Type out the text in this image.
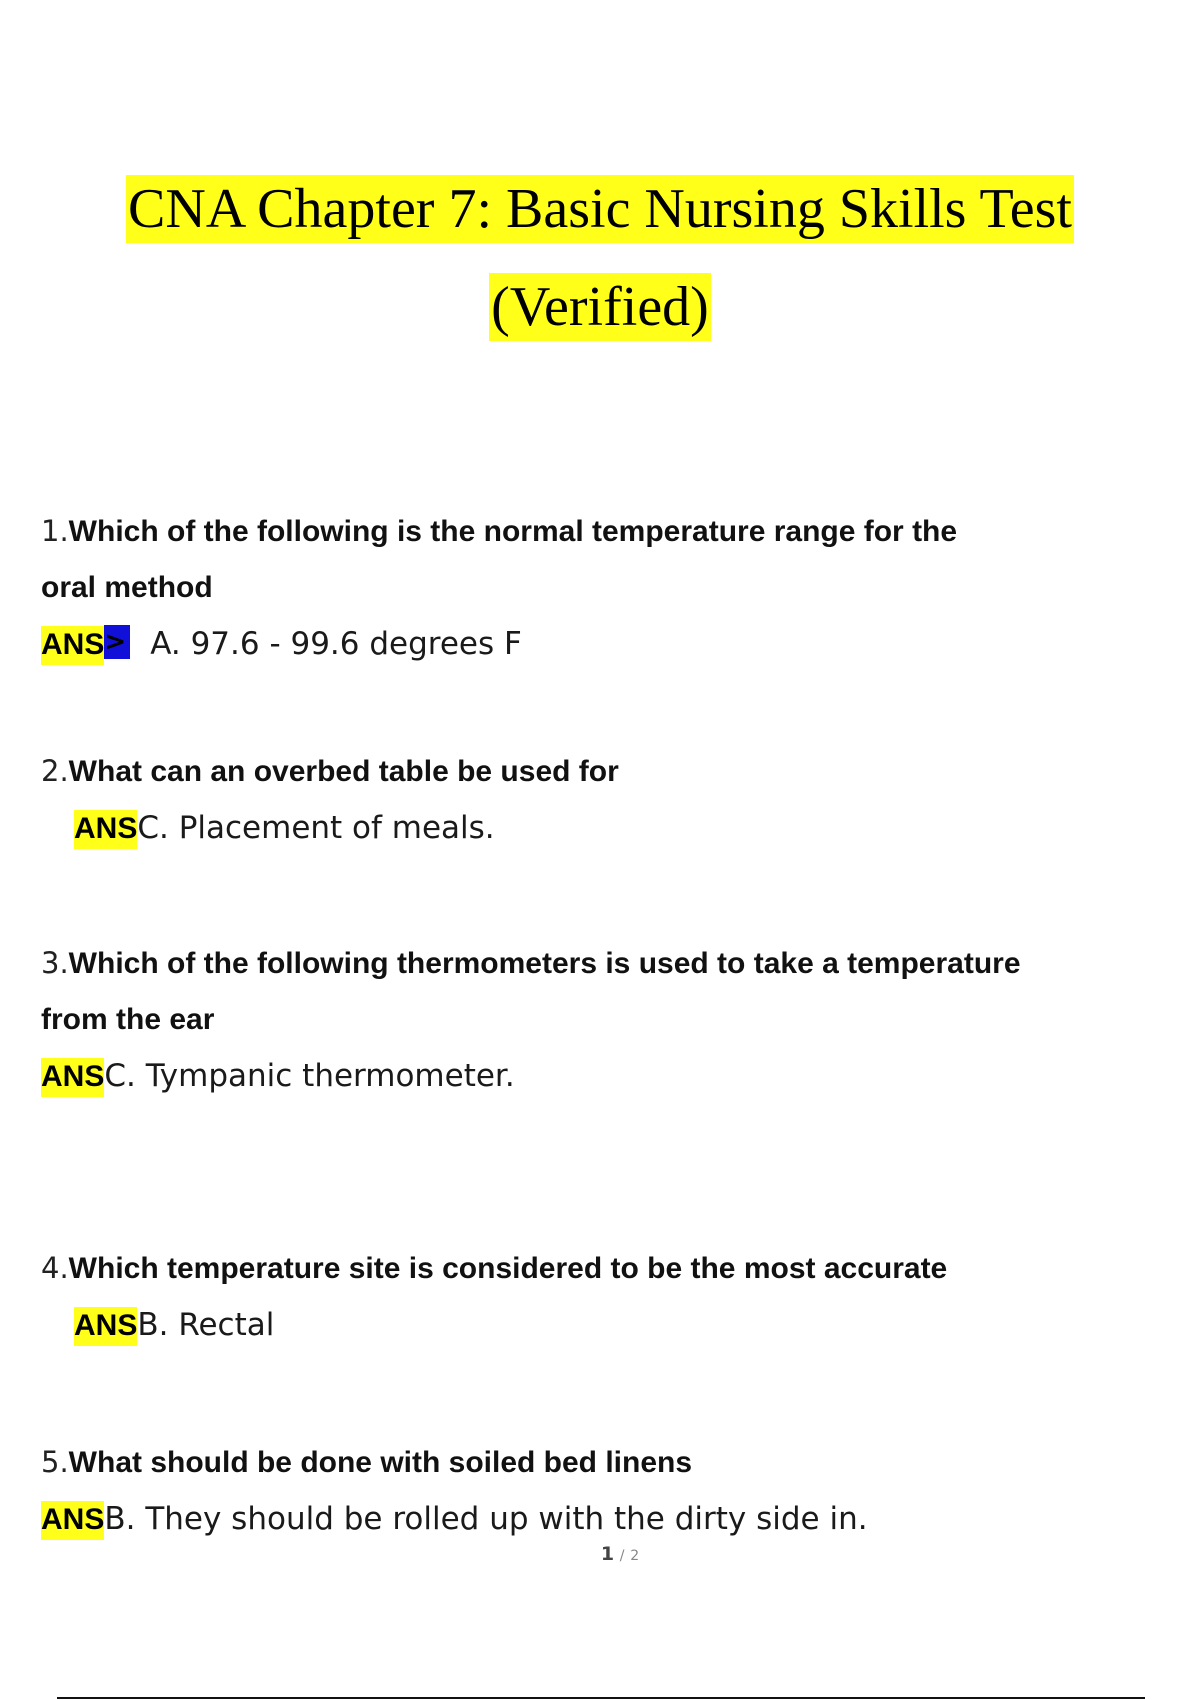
CNA Chapter 7: Basic Nursing Skills Test
(Verified)
1.Which of the following is the normal temperature range for the
oral method
ANS> A. 97.6 - 99.6 degrees F
2.What can an overbed table be used for
ANSC. Placement of meals.
3.Which of the following thermometers is used to take a temperature
from the ear
ANSC. Tympanic thermometer.
4.Which temperature site is considered to be the most accurate
ANSB. Rectal
5.What should be done with soiled bed linens
ANSB. They should be rolled up with the dirty side in.
1 / 2
